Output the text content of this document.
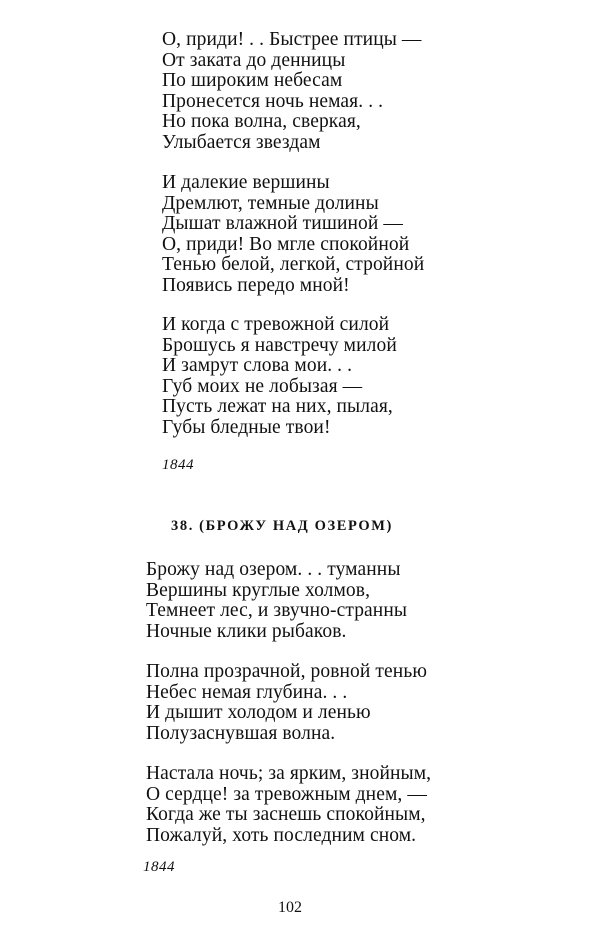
О, приди! . . Быстрее птицы —
От заката до денницы
По широким небесам
Пронесется ночь немая. . .
Но пока волна, сверкая,
Улыбается звездам
И далекие вершины
Дремлют, темные долины
Дышат влажной тишиной —
О, приди! Во мгле спокойной
Тенью белой, легкой, стройной
Появись передо мной!
И когда с тревожной силой
Брошусь я навстречу милой
И замрут слова мои. . .
Губ моих не лобызая —
Пусть лежат на них, пылая,
Губы бледные твои!
1844
38. (БРОЖУ НАД ОЗЕРОМ)
Брожу над озером. . . туманны
Вершины круглые холмов,
Темнеет лес, и звучно-странны
Ночные клики рыбаков.
Полна прозрачной, ровной тенью
Небес немая глубина. . .
И дышит холодом и ленью
Полузаснувшая волна.
Настала ночь; за ярким, знойным,
О сердце! за тревожным днем, —
Когда же ты заснешь спокойным,
Пожалуй, хоть последним сном.
1844
102
